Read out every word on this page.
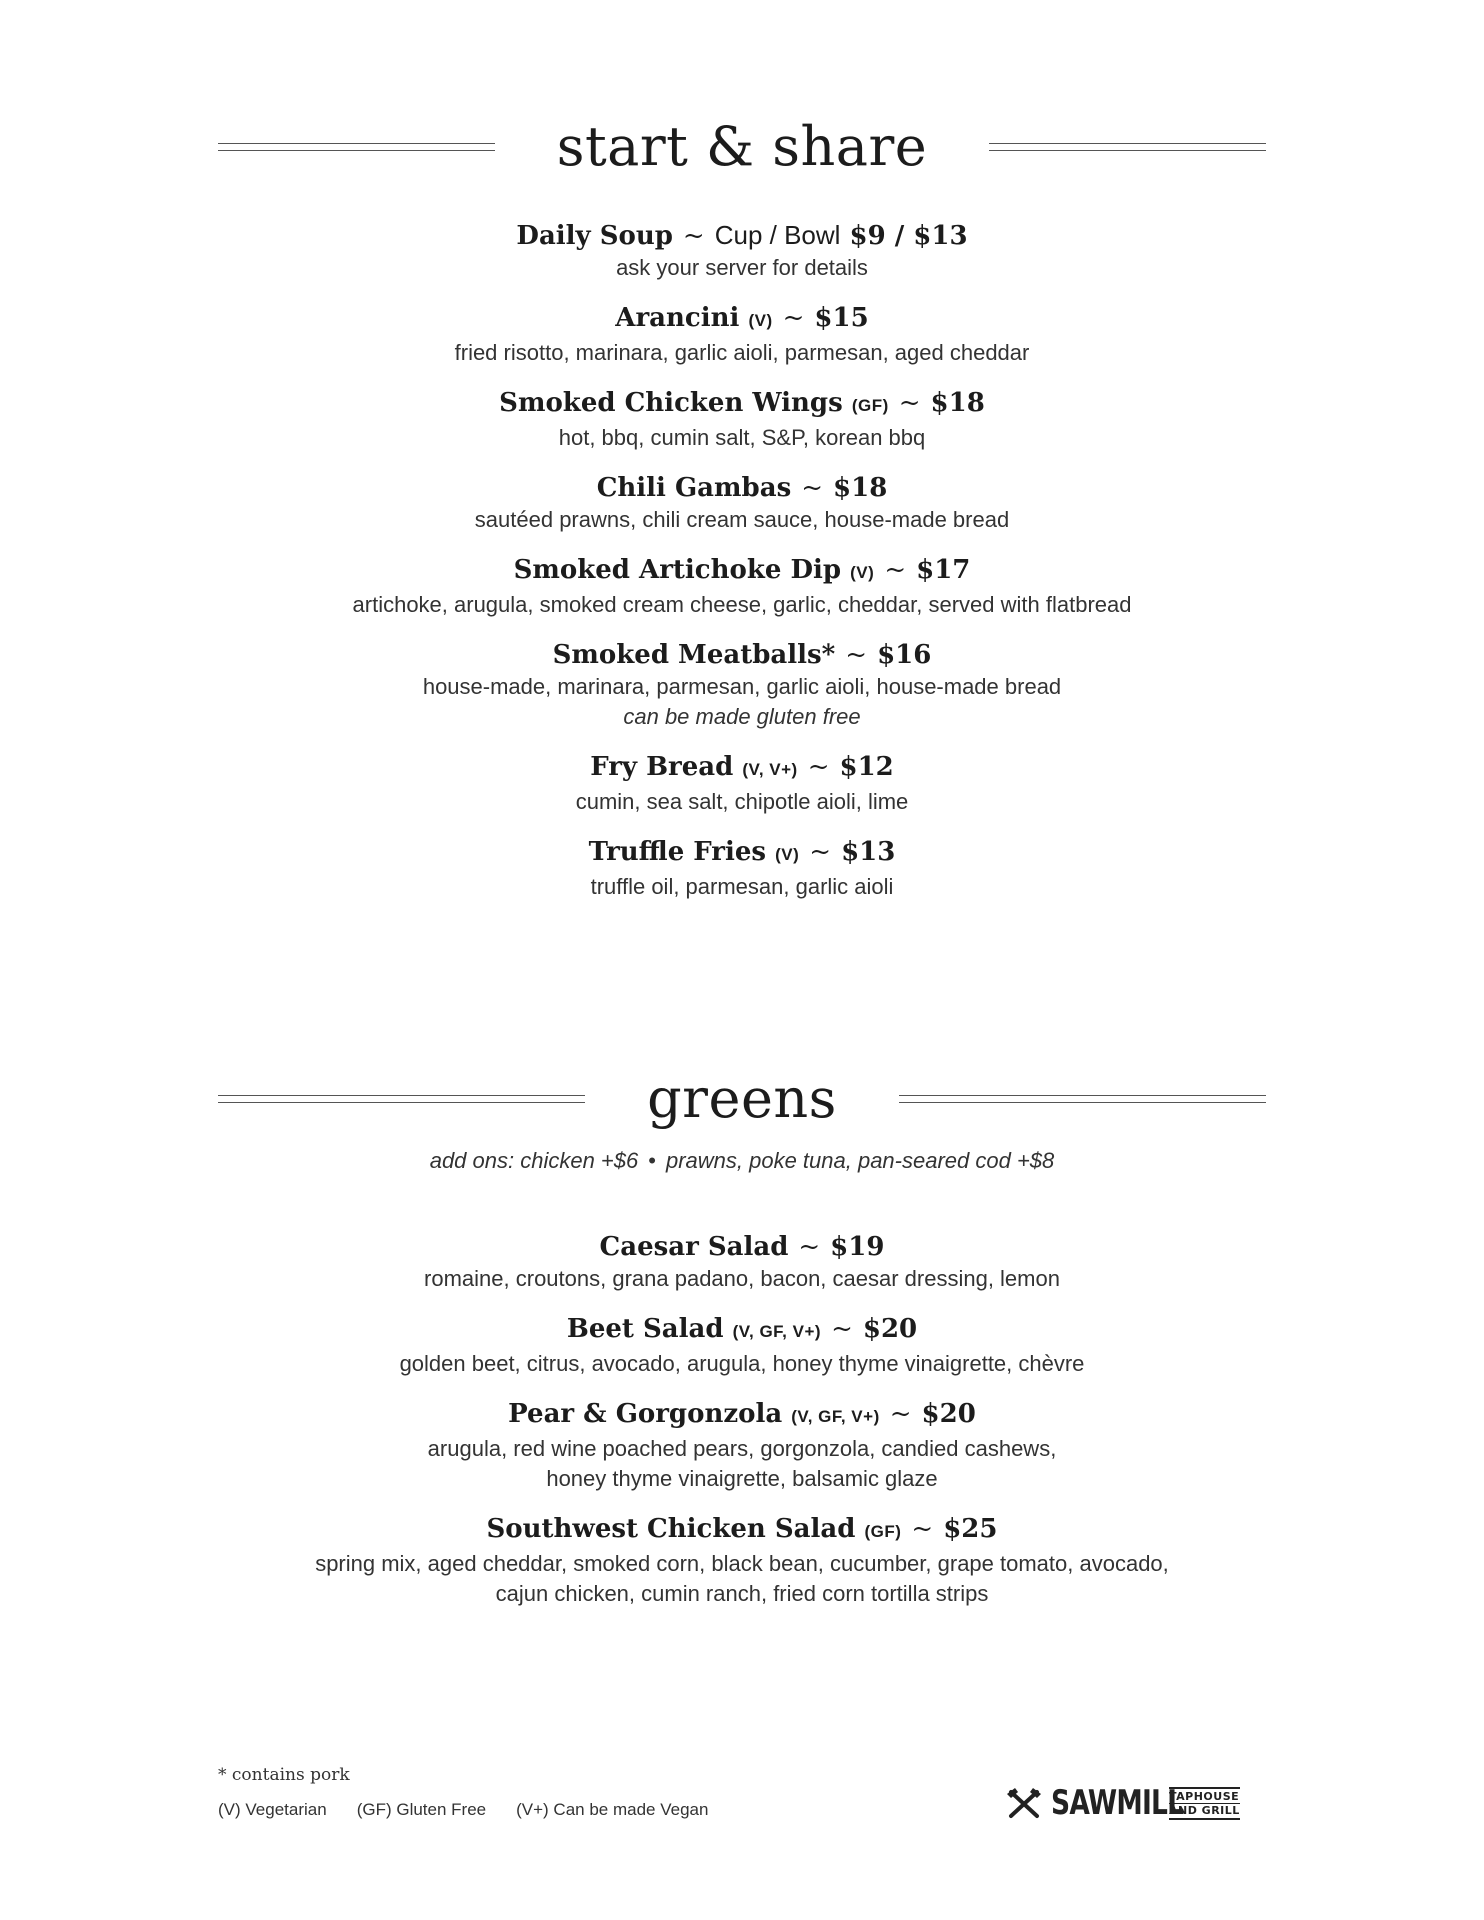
start & share
Daily Soup ~ Cup / Bowl $9 / $13
ask your server for details
Arancini (V) ~ $15
fried risotto, marinara, garlic aioli, parmesan, aged cheddar
Smoked Chicken Wings (GF) ~ $18
hot, bbq, cumin salt, S&P, korean bbq
Chili Gambas ~ $18
sautéed prawns, chili cream sauce, house-made bread
Smoked Artichoke Dip (V) ~ $17
artichoke, arugula, smoked cream cheese, garlic, cheddar, served with flatbread
Smoked Meatballs* ~ $16
house-made, marinara, parmesan, garlic aioli, house-made bread
can be made gluten free
Fry Bread (V, V+) ~ $12
cumin, sea salt, chipotle aioli, lime
Truffle Fries (V) ~ $13
truffle oil, parmesan, garlic aioli
greens
add ons: chicken +$6 • prawns, poke tuna, pan-seared cod +$8
Caesar Salad ~ $19
romaine, croutons, grana padano, bacon, caesar dressing, lemon
Beet Salad (V, GF, V+) ~ $20
golden beet, citrus, avocado, arugula, honey thyme vinaigrette, chèvre
Pear & Gorgonzola (V, GF, V+) ~ $20
arugula, red wine poached pears, gorgonzola, candied cashews,
honey thyme vinaigrette, balsamic glaze
Southwest Chicken Salad (GF) ~ $25
spring mix, aged cheddar, smoked corn, black bean, cucumber, grape tomato, avocado,
cajun chicken, cumin ranch, fried corn tortilla strips
* contains pork
(V) Vegetarian (GF) Gluten Free (V+) Can be made Vegan	SAWMILL
TAPHOUSE
AND GRILL
